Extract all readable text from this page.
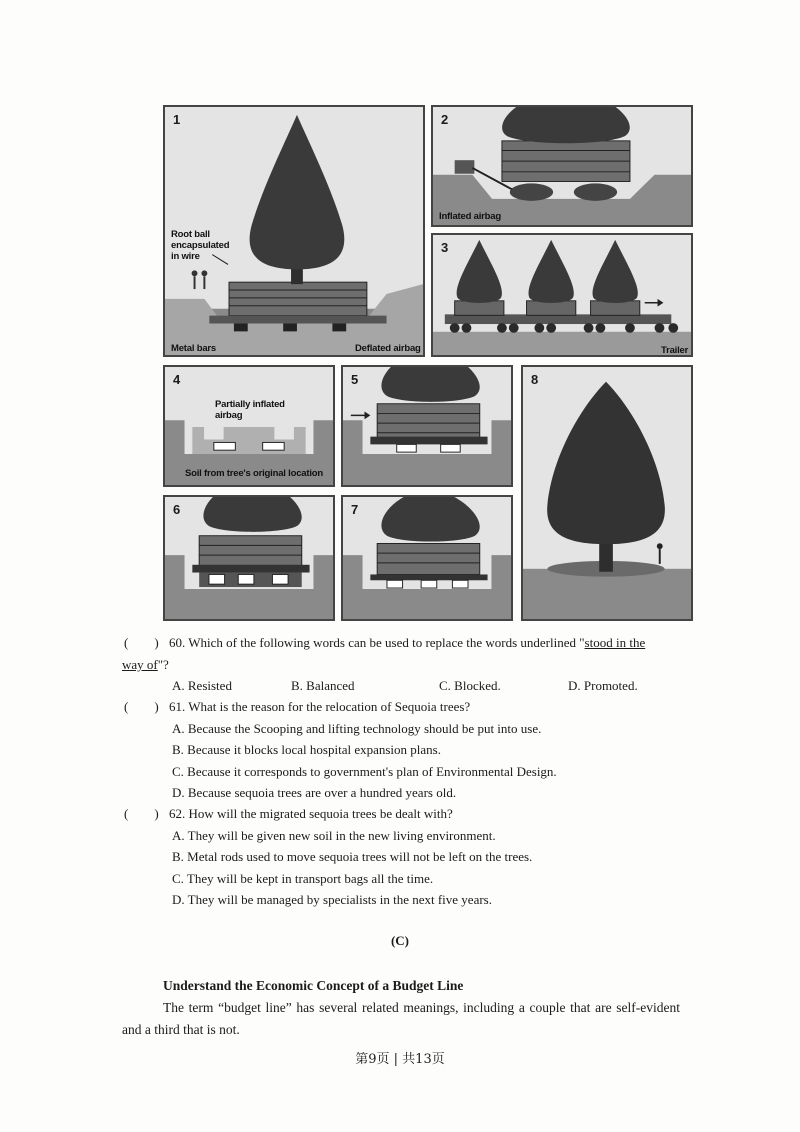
1
Root ball encapsulated in wire
Metal bars	Deflated airbag
2
Inflated airbag
3
Trailer
4
Partially inflated airbag
Soil from tree's original location
5
6	7
8
(　　) 60. Which of the following words can be used to replace the words underlined "stood in the
way of"?
A. Resisted	B. Balanced	C. Blocked.	D. Promoted.
(　　) 61. What is the reason for the relocation of Sequoia trees?
A. Because the Scooping and lifting technology should be put into use.
B. Because it blocks local hospital expansion plans.
C. Because it corresponds to government's plan of Environmental Design.
D. Because sequoia trees are over a hundred years old.
(　　) 62. How will the migrated sequoia trees be dealt with?
A. They will be given new soil in the new living environment.
B. Metal rods used to move sequoia trees will not be left on the trees.
C. They will be kept in transport bags all the time.
D. They will be managed by specialists in the next five years.
(C)
Understand the Economic Concept of a Budget Line
The term “budget line” has several related meanings, including a couple that are self-evident and a third that is not.
第9页 | 共13页
